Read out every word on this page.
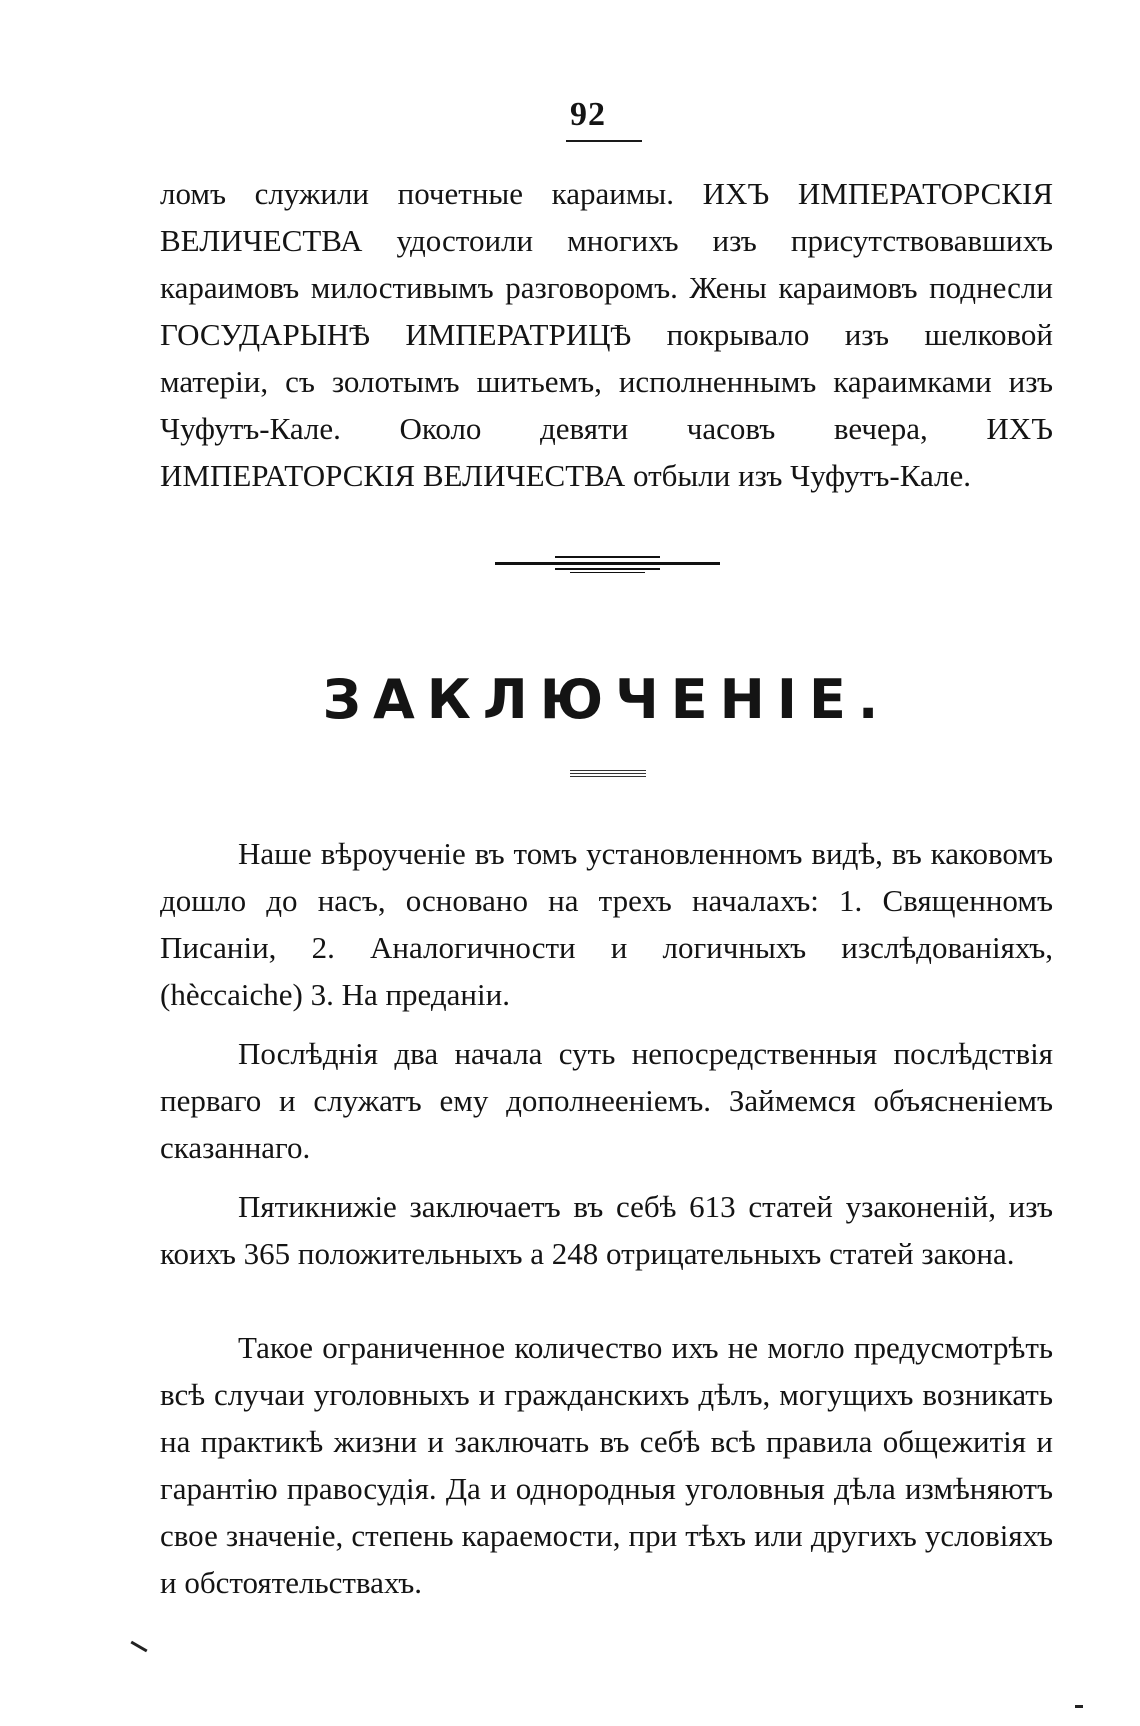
92

ломъ служили почетные караимы. ИХЪ ИМПЕРАТОРСКІЯ ВЕЛИЧЕСТВА удостоили многихъ изъ присутствовавшихъ караимовъ милостивымъ разговоромъ. Жены караимовъ поднесли ГОСУДАРЫНѢ ИМПЕРАТРИЦѢ покрывало изъ шелковой матеріи, съ золотымъ шитьемъ, исполненнымъ караимками изъ Чуфутъ-Кале. Около девяти часовъ вечера, ИХЪ ИМПЕРАТОРСКІЯ ВЕЛИЧЕСТВА отбыли изъ Чуфутъ-Кале.

ЗАКЛЮЧЕНІЕ.

Наше вѣроученіе въ томъ установленномъ видѣ, въ каковомъ дошло до насъ, основано на трехъ началахъ: 1. Священномъ Писаніи, 2. Аналогичности и логичныхъ изслѣдованіяхъ, (hèccaiche) 3. На преданіи.

Послѣднія два начала суть непосредственныя послѣдствія перваго и служатъ ему дополнееніемъ. Займемся объясненіемъ сказаннаго.

Пятикнижіе заключаетъ въ себѣ 613 статей узаконеній, изъ коихъ 365 положительныхъ а 248 отрицательныхъ статей закона.

Такое ограниченное количество ихъ не могло предусмотрѣть всѣ случаи уголовныхъ и гражданскихъ дѣлъ, могущихъ возникать на практикѣ жизни и заключать въ себѣ всѣ правила общежитія и гарантію правосудія. Да и однородныя уголовныя дѣла измѣняютъ свое значеніе, степень караемости, при тѣхъ или другихъ условіяхъ и обстоятельствахъ.
